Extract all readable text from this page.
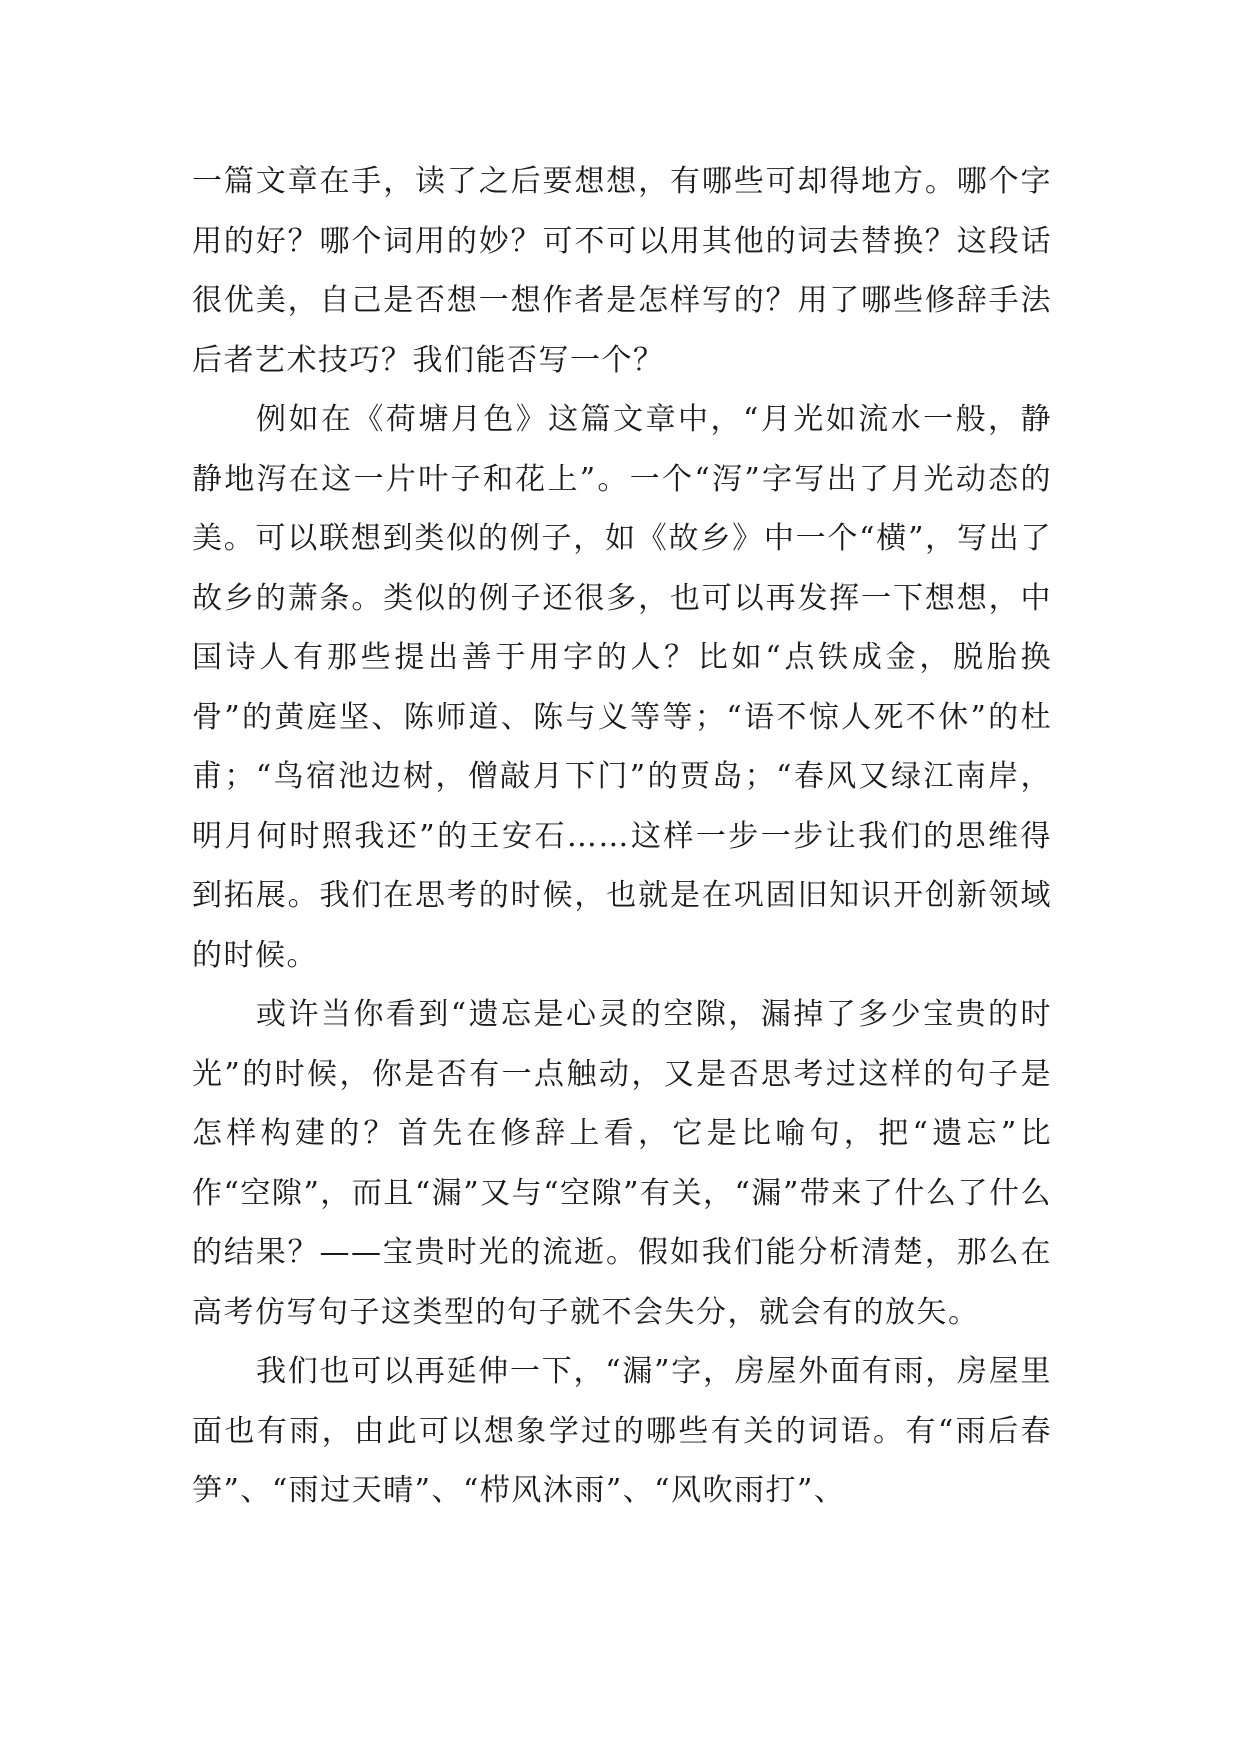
一篇文章在手，读了之后要想想，有哪些可却得地方。哪个字用的好？哪个词用的妙？可不可以用其他的词去替换？这段话很优美，自己是否想一想作者是怎样写的？用了哪些修辞手法后者艺术技巧？我们能否写一个？

例如在《荷塘月色》这篇文章中，“月光如流水一般，静静地泻在这一片叶子和花上”。一个“泻”字写出了月光动态的美。可以联想到类似的例子，如《故乡》中一个“横”，写出了故乡的萧条。类似的例子还很多，也可以再发挥一下想想，中国诗人有那些提出善于用字的人？比如“点铁成金，脱胎换骨”的黄庭坚、陈师道、陈与义等等；“语不惊人死不休”的杜甫；“鸟宿池边树，僧敲月下门”的贾岛；“春风又绿江南岸，明月何时照我还”的王安石……这样一步一步让我们的思维得到拓展。我们在思考的时候，也就是在巩固旧知识开创新领域的时候。

或许当你看到“遗忘是心灵的空隙，漏掉了多少宝贵的时光”的时候，你是否有一点触动，又是否思考过这样的句子是怎样构建的？首先在修辞上看，它是比喻句，把“遗忘”比作“空隙”，而且“漏”又与“空隙”有关，“漏”带来了什么了什么的结果？——宝贵时光的流逝。假如我们能分析清楚，那么在高考仿写句子这类型的句子就不会失分，就会有的放矢。

我们也可以再延伸一下，“漏”字，房屋外面有雨，房屋里面也有雨，由此可以想象学过的哪些有关的词语。有“雨后春笋”、“雨过天晴”、“栉风沐雨”、“风吹雨打”、
